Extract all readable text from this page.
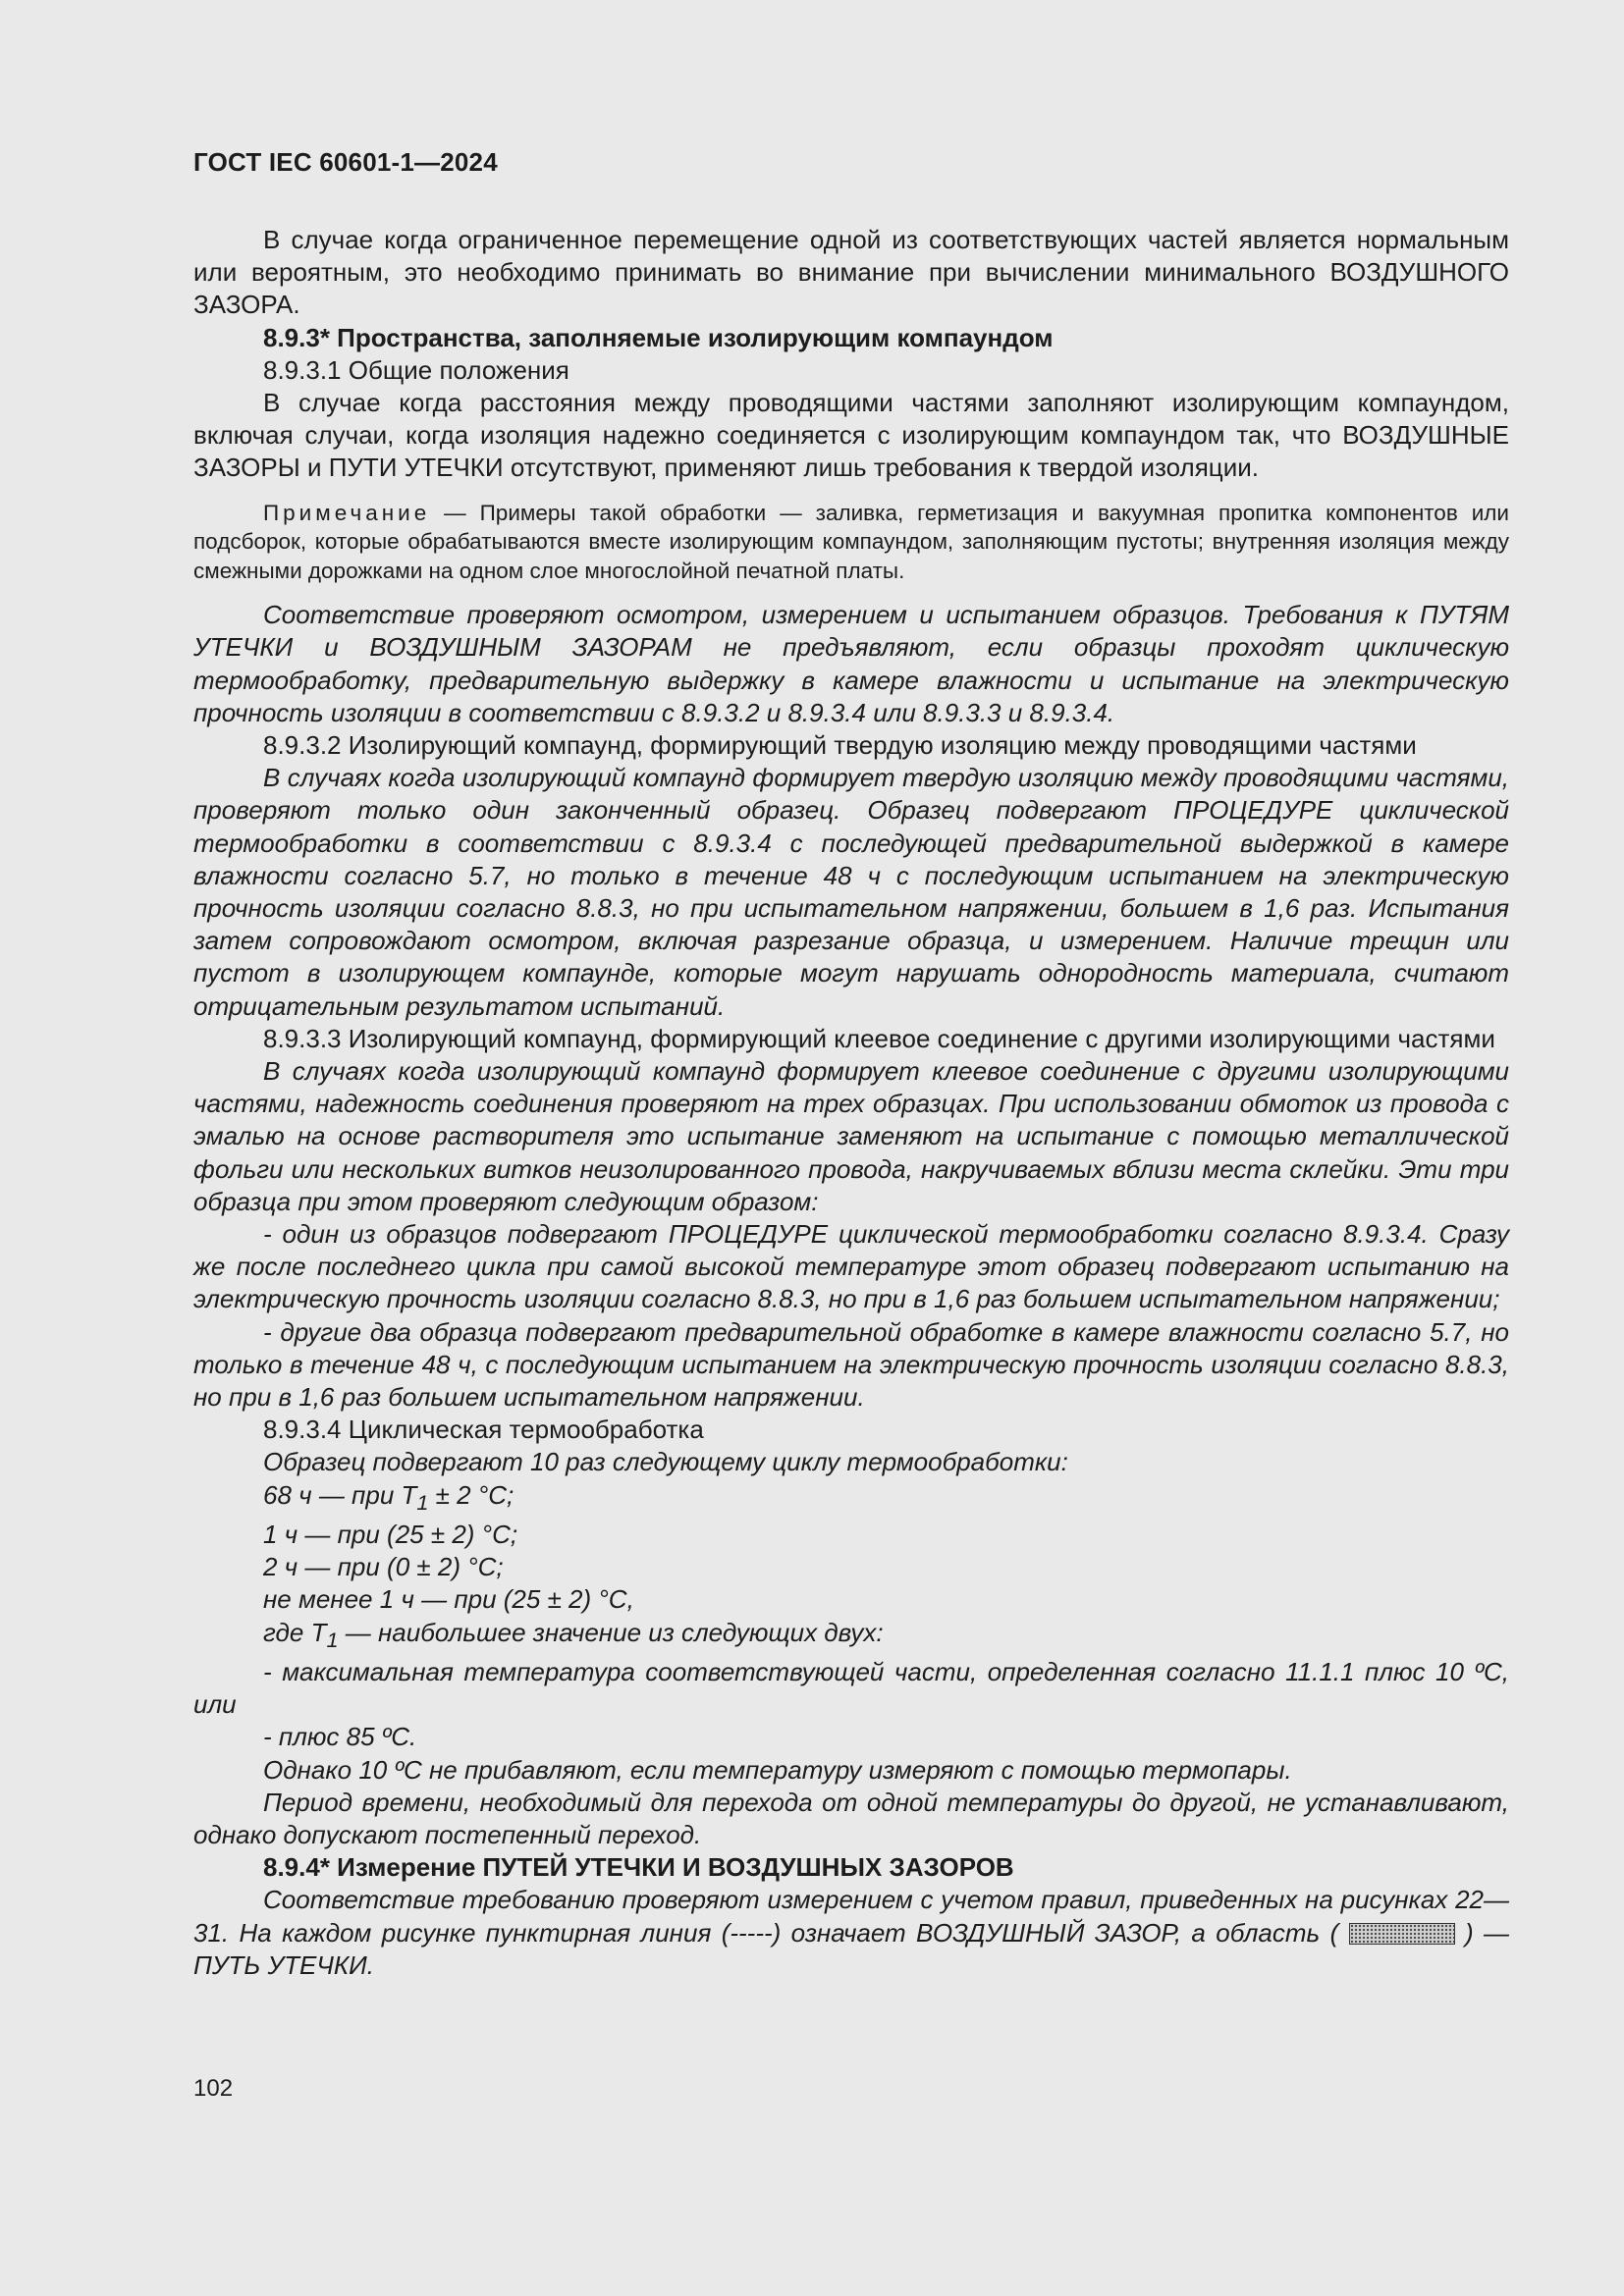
ГОСТ IEC 60601-1—2024

В случае когда ограниченное перемещение одной из соответствующих частей является нормальным или вероятным, это необходимо принимать во внимание при вычислении минимального ВОЗДУШНОГО ЗАЗОРА.

8.9.3* Пространства, заполняемые изолирующим компаундом

8.9.3.1 Общие положения

В случае когда расстояния между проводящими частями заполняют изолирующим компаундом, включая случаи, когда изоляция надежно соединяется с изолирующим компаундом так, что ВОЗДУШНЫЕ ЗАЗОРЫ и ПУТИ УТЕЧКИ отсутствуют, применяют лишь требования к твердой изоляции.

Примечание — Примеры такой обработки — заливка, герметизация и вакуумная пропитка компонентов или подсборок, которые обрабатываются вместе изолирующим компаундом, заполняющим пустоты; внутренняя изоляция между смежными дорожками на одном слое многослойной печатной платы.

Соответствие проверяют осмотром, измерением и испытанием образцов. Требования к ПУТЯМ УТЕЧКИ и ВОЗДУШНЫМ ЗАЗОРАМ не предъявляют, если образцы проходят циклическую термообработку, предварительную выдержку в камере влажности и испытание на электрическую прочность изоляции в соответствии с 8.9.3.2 и 8.9.3.4 или 8.9.3.3 и 8.9.3.4.

8.9.3.2 Изолирующий компаунд, формирующий твердую изоляцию между проводящими частями

В случаях когда изолирующий компаунд формирует твердую изоляцию между проводящими частями, проверяют только один законченный образец. Образец подвергают ПРОЦЕДУРЕ циклической термообработки в соответствии с 8.9.3.4 с последующей предварительной выдержкой в камере влажности согласно 5.7, но только в течение 48 ч с последующим испытанием на электрическую прочность изоляции согласно 8.8.3, но при испытательном напряжении, большем в 1,6 раз. Испытания затем сопровождают осмотром, включая разрезание образца, и измерением. Наличие трещин или пустот в изолирующем компаунде, которые могут нарушать однородность материала, считают отрицательным результатом испытаний.

8.9.3.3 Изолирующий компаунд, формирующий клеевое соединение с другими изолирующими частями

В случаях когда изолирующий компаунд формирует клеевое соединение с другими изолирующими частями, надежность соединения проверяют на трех образцах. При использовании обмоток из провода с эмалью на основе растворителя это испытание заменяют на испытание с помощью металлической фольги или нескольких витков неизолированного провода, накручиваемых вблизи места склейки. Эти три образца при этом проверяют следующим образом:

- один из образцов подвергают ПРОЦЕДУРЕ циклической термообработки согласно 8.9.3.4. Сразу же после последнего цикла при самой высокой температуре этот образец подвергают испытанию на электрическую прочность изоляции согласно 8.8.3, но при в 1,6 раз большем испытательном напряжении;

- другие два образца подвергают предварительной обработке в камере влажности согласно 5.7, но только в течение 48 ч, с последующим испытанием на электрическую прочность изоляции согласно 8.8.3, но при в 1,6 раз большем испытательном напряжении.

8.9.3.4 Циклическая термообработка

Образец подвергают 10 раз следующему циклу термообработки:

68 ч — при $T_1 \pm 2$ °C;

1 ч — при (25 ± 2) °C;

2 ч — при (0 ± 2) °C;

не менее 1 ч — при (25 ± 2) °C,

где $T_1$ — наибольшее значение из следующих двух:

- максимальная температура соответствующей части, определенная согласно 11.1.1 плюс 10 ºС, или

- плюс 85 ºС.

Однако 10 ºС не прибавляют, если температуру измеряют с помощью термопары.

Период времени, необходимый для перехода от одной температуры до другой, не устанавливают, однако допускают постепенный переход.

8.9.4* Измерение ПУТЕЙ УТЕЧКИ И ВОЗДУШНЫХ ЗАЗОРОВ

Соответствие требованию проверяют измерением с учетом правил, приведенных на рисунках 22—31. На каждом рисунке пунктирная линия (-----) означает ВОЗДУШНЫЙ ЗАЗОР, а область (	) — ПУТЬ УТЕЧКИ.

102
